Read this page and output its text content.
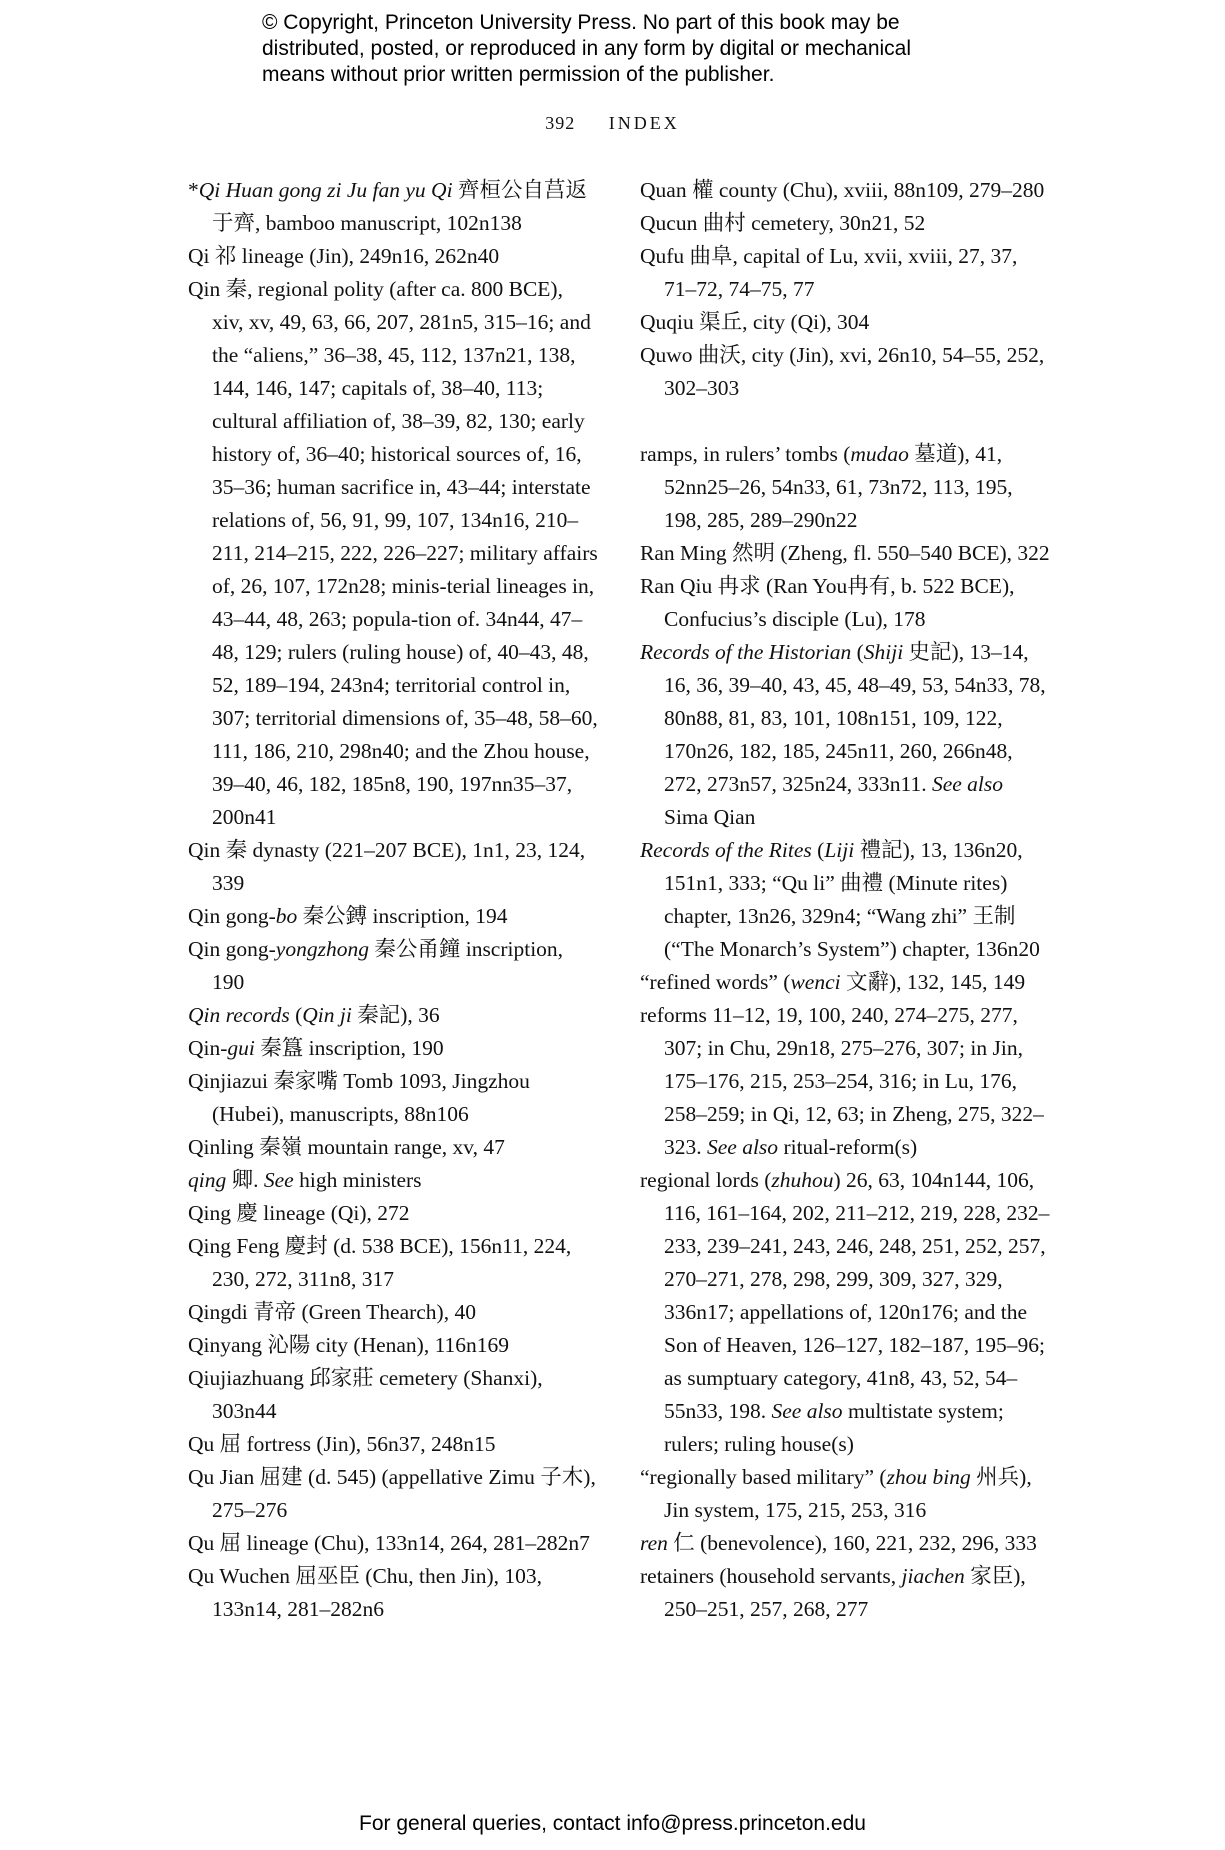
© Copyright, Princeton University Press. No part of this book may be
distributed, posted, or reproduced in any form by digital or mechanical
means without prior written permission of the publisher.
392 INDEX
*Qi Huan gong zi Ju fan yu Qi 齊桓公自莒返于齊, bamboo manuscript, 102n138
Qi 祁 lineage (Jin), 249n16, 262n40
Qin 秦, regional polity (after ca. 800 BCE), xiv, xv, 49, 63, 66, 207, 281n5, 315–16; and the “aliens,” 36–38, 45, 112, 137n21, 138, 144, 146, 147; capitals of, 38–40, 113; cultural affiliation of, 38–39, 82, 130; early history of, 36–40; historical sources of, 16, 35–36; human sacrifice in, 43–44; interstate relations of, 56, 91, 99, 107, 134n16, 210–211, 214–215, 222, 226–227; military affairs of, 26, 107, 172n28; minis-terial lineages in, 43–44, 48, 263; popula-tion of. 34n44, 47–48, 129; rulers (ruling house) of, 40–43, 48, 52, 189–194, 243n4; territorial control in, 307; territorial dimensions of, 35–48, 58–60, 111, 186, 210, 298n40; and the Zhou house, 39–40, 46, 182, 185n8, 190, 197nn35–37, 200n41
Qin 秦 dynasty (221–207 BCE), 1n1, 23, 124, 339
Qin gong-bo 秦公鎛 inscription, 194
Qin gong-yongzhong 秦公甬鐘 inscription, 190
Qin records (Qin ji 秦記), 36
Qin-gui 秦簋 inscription, 190
Qinjiazui 秦家嘴 Tomb 1093, Jingzhou (Hubei), manuscripts, 88n106
Qinling 秦嶺 mountain range, xv, 47
qing 卿. See high ministers
Qing 慶 lineage (Qi), 272
Qing Feng 慶封 (d. 538 BCE), 156n11, 224, 230, 272, 311n8, 317
Qingdi 青帝 (Green Thearch), 40
Qinyang 沁陽 city (Henan), 116n169
Qiujiazhuang 邱家莊 cemetery (Shanxi), 303n44
Qu 屈 fortress (Jin), 56n37, 248n15
Qu Jian 屈建 (d. 545) (appellative Zimu 子木), 275–276
Qu 屈 lineage (Chu), 133n14, 264, 281–282n7
Qu Wuchen 屈巫臣 (Chu, then Jin), 103, 133n14, 281–282n6
Quan 權 county (Chu), xviii, 88n109, 279–280
Qucun 曲村 cemetery, 30n21, 52
Qufu 曲阜, capital of Lu, xvii, xviii, 27, 37, 71–72, 74–75, 77
Quqiu 渠丘, city (Qi), 304
Quwo 曲沃, city (Jin), xvi, 26n10, 54–55, 252, 302–303
ramps, in rulers’ tombs (mudao 墓道), 41, 52nn25–26, 54n33, 61, 73n72, 113, 195, 198, 285, 289–290n22
Ran Ming 然明 (Zheng, fl. 550–540 BCE), 322
Ran Qiu 冉求 (Ran You冉有, b. 522 BCE), Confucius’s disciple (Lu), 178
Records of the Historian (Shiji 史記), 13–14, 16, 36, 39–40, 43, 45, 48–49, 53, 54n33, 78, 80n88, 81, 83, 101, 108n151, 109, 122, 170n26, 182, 185, 245n11, 260, 266n48, 272, 273n57, 325n24, 333n11. See also Sima Qian
Records of the Rites (Liji 禮記), 13, 136n20, 151n1, 333; “Qu li” 曲禮 (Minute rites) chapter, 13n26, 329n4; “Wang zhi” 王制 (“The Monarch’s System”) chapter, 136n20
“refined words” (wenci 文辭), 132, 145, 149
reforms 11–12, 19, 100, 240, 274–275, 277, 307; in Chu, 29n18, 275–276, 307; in Jin, 175–176, 215, 253–254, 316; in Lu, 176, 258–259; in Qi, 12, 63; in Zheng, 275, 322–323. See also ritual-reform(s)
regional lords (zhuhou) 26, 63, 104n144, 106, 116, 161–164, 202, 211–212, 219, 228, 232–233, 239–241, 243, 246, 248, 251, 252, 257, 270–271, 278, 298, 299, 309, 327, 329, 336n17; appellations of, 120n176; and the Son of Heaven, 126–127, 182–187, 195–96; as sumptuary category, 41n8, 43, 52, 54–55n33, 198. See also multistate system; rulers; ruling house(s)
“regionally based military” (zhou bing 州兵), Jin system, 175, 215, 253, 316
ren 仁 (benevolence), 160, 221, 232, 296, 333
retainers (household servants, jiachen 家臣), 250–251, 257, 268, 277
For general queries, contact info@press.princeton.edu
